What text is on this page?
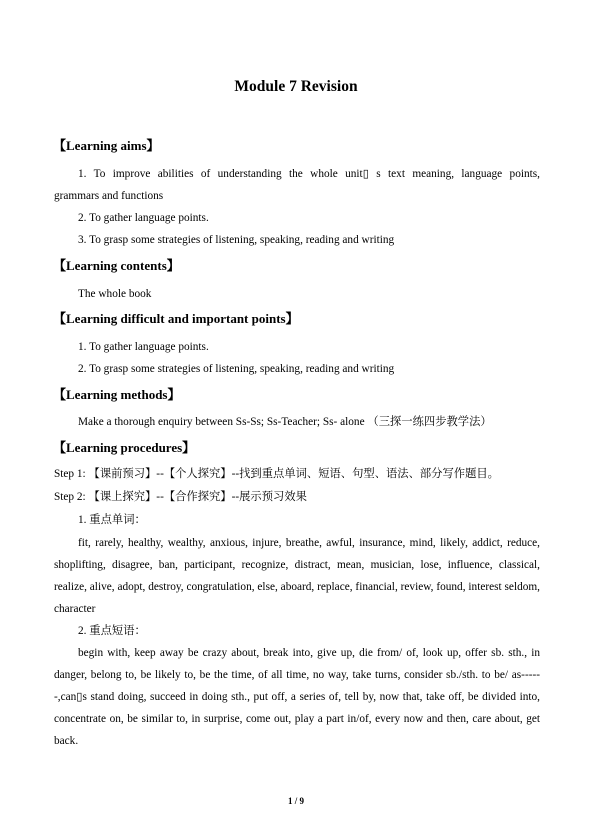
Module 7 Revision
【Learning aims】
1. To improve abilities of understanding the whole unit▯ s text meaning, language points,
grammars and functions
2. To gather language points.
3. To grasp some strategies of listening, speaking, reading and writing
【Learning contents】
The whole book
【Learning difficult and important points】
1. To gather language points.
2. To grasp some strategies of listening, speaking, reading and writing
【Learning methods】
Make a thorough enquiry between Ss-Ss; Ss-Teacher; Ss- alone （三探一练四步教学法）
【Learning procedures】
Step 1: 【课前预习】--【个人探究】--找到重点单词、短语、句型、语法、部分写作题目。
Step 2: 【课上探究】--【合作探究】--展示预习效果
1. 重点单词：
fit, rarely, healthy, wealthy, anxious, injure, breathe, awful, insurance, mind, likely, addict, reduce, shoplifting, disagree, ban, participant, recognize, distract, mean, musician, lose, influence, classical, realize, alive, adopt, destroy, congratulation, else, aboard, replace, financial, review, found, interest seldom, character
2. 重点短语：
begin with, keep away be crazy about, break into, give up, die from/ of, look up, offer sb. sth., in danger, belong to, be likely to, be the time, of all time, no way, take turns, consider sb./sth. to be/ as------,can▯s stand doing, succeed in doing sth., put off, a series of, tell by, now that, take off, be divided into, concentrate on, be similar to, in surprise, come out, play a part in/of, every now and then, care about, get back.
1 / 9
